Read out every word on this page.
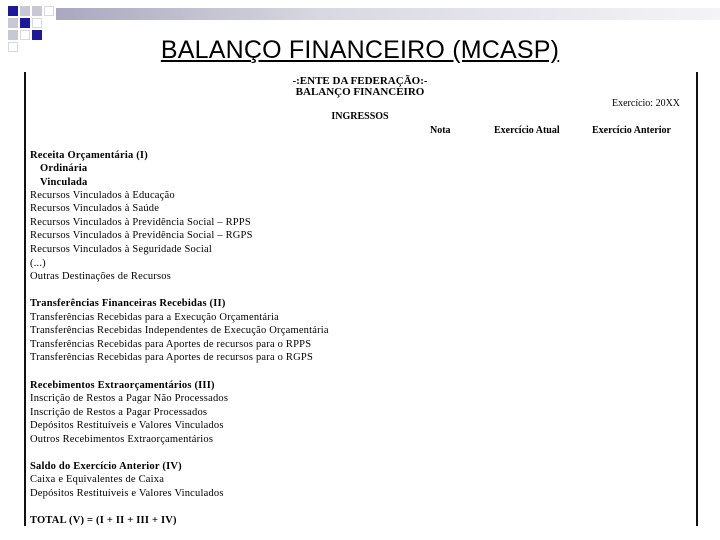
BALANÇO FINANCEIRO (MCASP)
-:ENTE DA FEDERAÇÃO:-
BALANÇO FINANCEIRO
Exercício: 20XX
INGRESSOS
Nota	Exercício Atual	Exercício Anterior
Receita Orçamentária (I)
Ordinária
Vinculada
Recursos Vinculados à Educação
Recursos Vinculados à Saúde
Recursos Vinculados à Previdência Social – RPPS
Recursos Vinculados à Previdência Social – RGPS
Recursos Vinculados à Seguridade Social
(...)
Outras Destinações de Recursos
Transferências Financeiras Recebidas (II)
Transferências Recebidas para a Execução Orçamentária
Transferências Recebidas Independentes de Execução Orçamentária
Transferências Recebidas para Aportes de recursos para o RPPS
Transferências Recebidas para Aportes de recursos para o RGPS
Recebimentos Extraorçamentários (III)
Inscrição de Restos a Pagar Não Processados
Inscrição de Restos a Pagar Processados
Depósitos Restituíveis e Valores Vinculados
Outros Recebimentos Extraorçamentários
Saldo do Exercício Anterior (IV)
Caixa e Equivalentes de Caixa
Depósitos Restituíveis e Valores Vinculados
TOTAL (V) = (I + II + III + IV)
